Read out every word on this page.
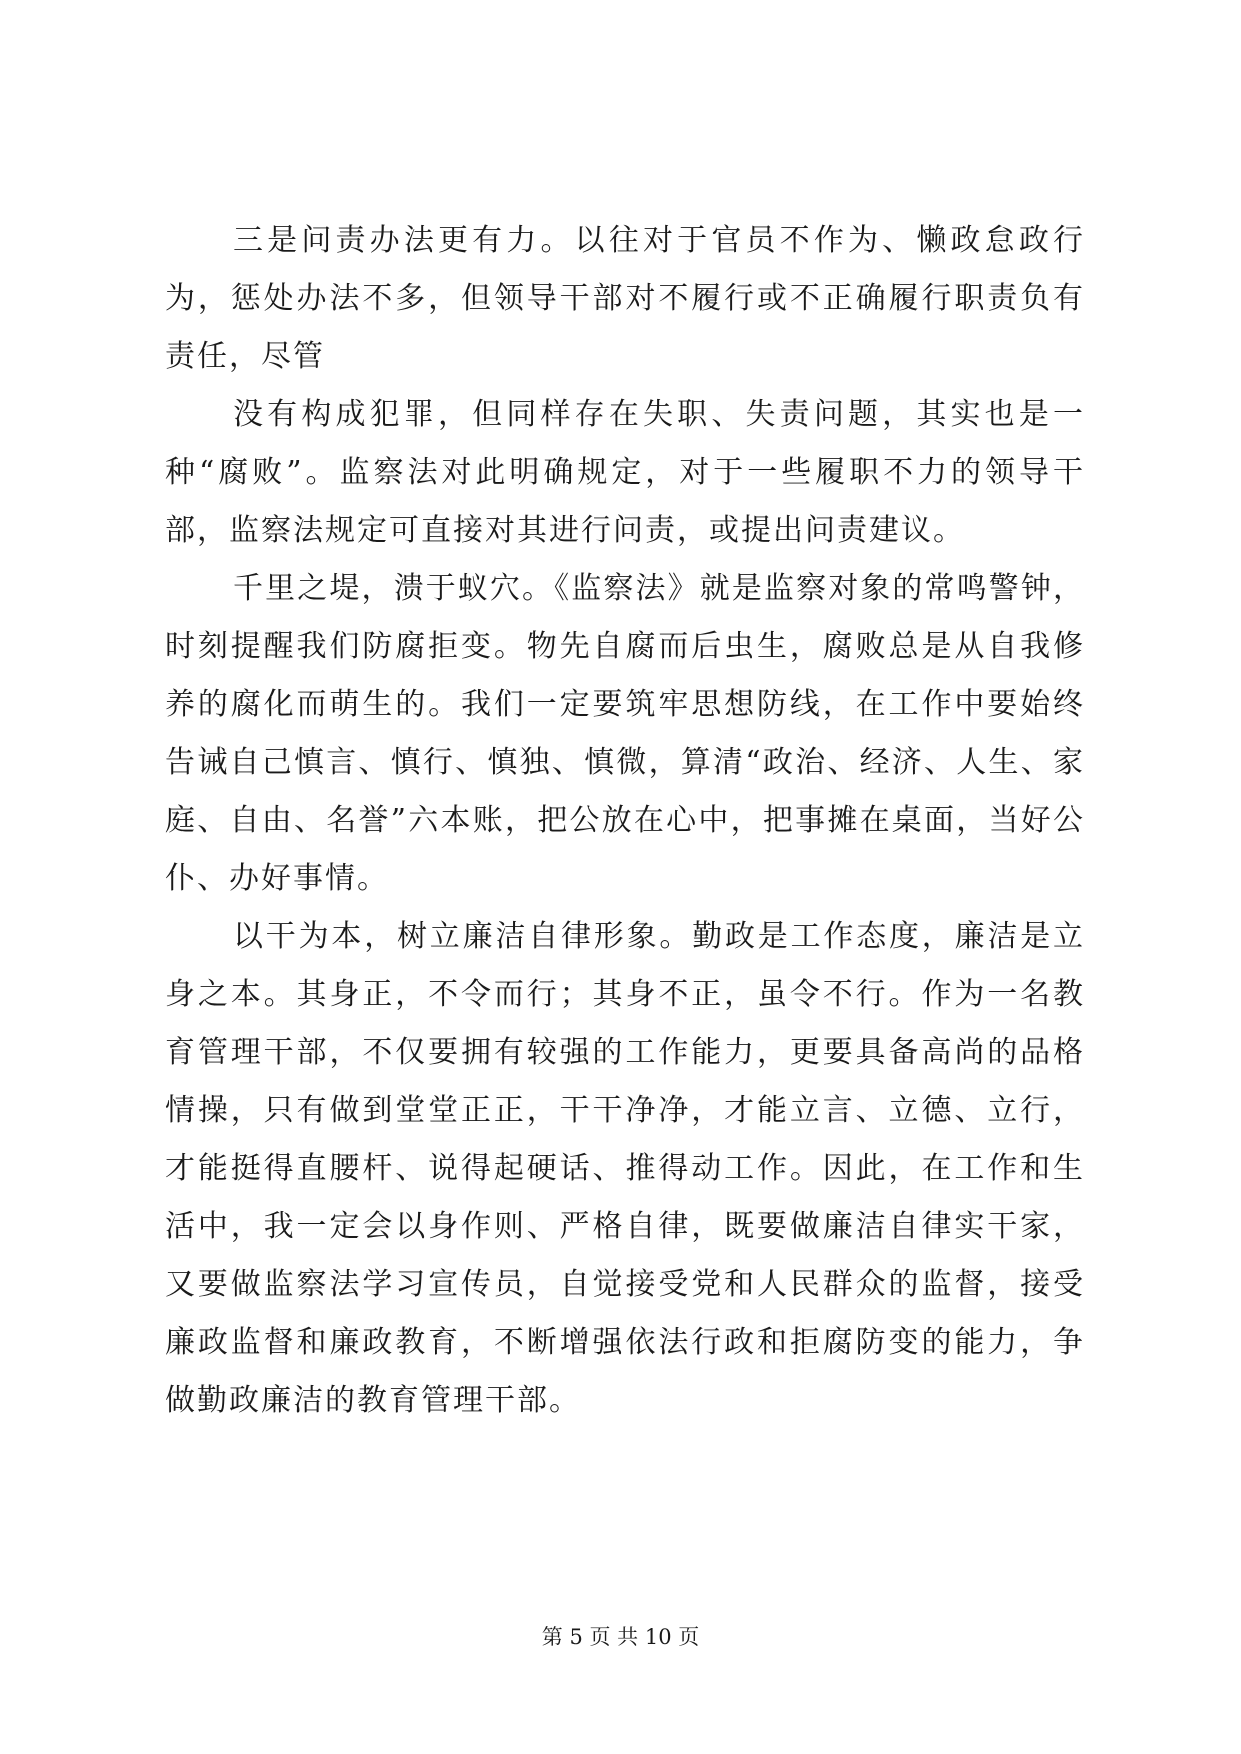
三是问责办法更有力。以往对于官员不作为、懒政怠政行为，惩处办法不多，但领导干部对不履行或不正确履行职责负有责任，尽管

没有构成犯罪，但同样存在失职、失责问题，其实也是一种“腐败”。监察法对此明确规定，对于一些履职不力的领导干部，监察法规定可直接对其进行问责，或提出问责建议。

千里之堤，溃于蚁穴。《监察法》就是监察对象的常鸣警钟，时刻提醒我们防腐拒变。物先自腐而后虫生，腐败总是从自我修养的腐化而萌生的。我们一定要筑牢思想防线，在工作中要始终告诫自己慎言、慎行、慎独、慎微，算清“政治、经济、人生、家庭、自由、名誉”六本账，把公放在心中，把事摊在桌面，当好公仆、办好事情。

以干为本，树立廉洁自律形象。勤政是工作态度，廉洁是立身之本。其身正，不令而行；其身不正，虽令不行。作为一名教育管理干部，不仅要拥有较强的工作能力，更要具备高尚的品格情操，只有做到堂堂正正，干干净净，才能立言、立德、立行，才能挺得直腰杆、说得起硬话、推得动工作。因此，在工作和生活中，我一定会以身作则、严格自律，既要做廉洁自律实干家，又要做监察法学习宣传员，自觉接受党和人民群众的监督，接受廉政监督和廉政教育，不断增强依法行政和拒腐防变的能力，争做勤政廉洁的教育管理干部。

第 5 页 共 10 页
